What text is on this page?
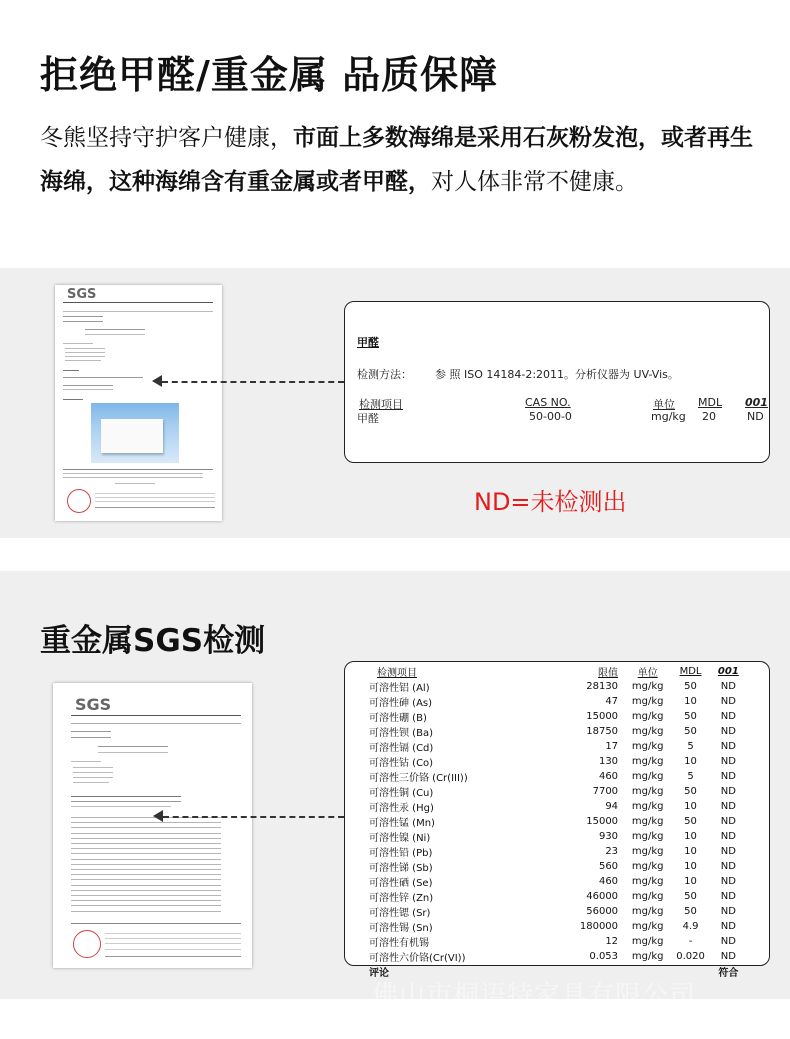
拒绝甲醛/重金属 品质保障
冬熊坚持守护客户健康，市面上多数海绵是采用石灰粉发泡，或者再生海绵，这种海绵含有重金属或者甲醛，对人体非常不健康。
SGS
甲醛
检测方法： 参 照 ISO 14184-2:2011。分析仪器为 UV-Vis。
检测项目	CAS NO.	单位 MDL 001
甲醛	50-00-0	mg/kg 20	ND
ND=未检测出
重金属SGS检测
SGS
检测项目	限值	单位	MDL	001
可溶性铝 (Al)	28130	mg/kg	50	ND
可溶性砷 (As)	47	mg/kg	10	ND
可溶性硼 (B)	15000	mg/kg	50	ND
可溶性钡 (Ba)	18750	mg/kg	50	ND
可溶性镉 (Cd)	17	mg/kg	5	ND
可溶性钴 (Co)	130	mg/kg	10	ND
可溶性三价铬 (Cr(III))	460	mg/kg	5	ND
可溶性铜 (Cu)	7700	mg/kg	50	ND
可溶性汞 (Hg)	94	mg/kg	10	ND
可溶性锰 (Mn)	15000	mg/kg	50	ND
可溶性镍 (Ni)	930	mg/kg	10	ND
可溶性铅 (Pb)	23	mg/kg	10	ND
可溶性锑 (Sb)	560	mg/kg	10	ND
可溶性硒 (Se)	460	mg/kg	10	ND
可溶性锌 (Zn)	46000	mg/kg	50	ND
可溶性锶 (Sr)	56000	mg/kg	50	ND
可溶性锡 (Sn)	180000	mg/kg	4.9	ND
可溶性有机锡	12	mg/kg	-	ND
可溶性六价铬(Cr(VI))	0.053	mg/kg	0.020	ND
评论				符合
佛山市桐语特家具有限公司
